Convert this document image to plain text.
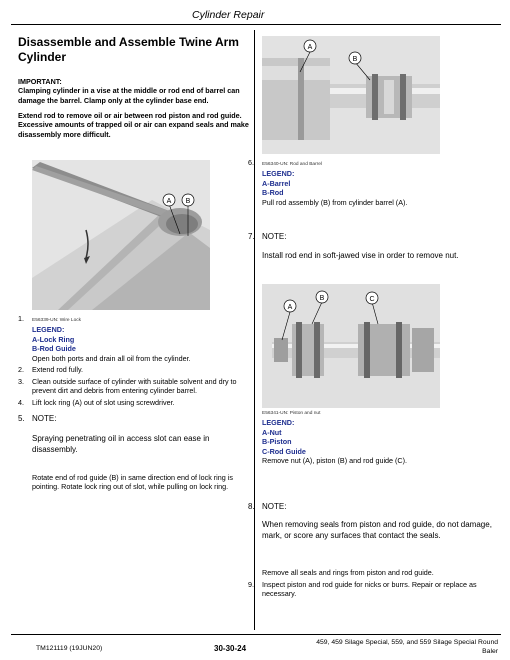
Cylinder Repair
Disassemble and Assemble Twine Arm Cylinder
IMPORTANT:
Clamping cylinder in a vise at the middle or rod end of barrel can damage the barrel. Clamp only at the cylinder base end.
Extend rod to remove oil or air between rod piston and rod guide. Excessive amounts of trapped oil or air can expand seals and make disassembly more difficult.
A B
1. E56339-UN: Wire Lock
LEGEND:
A-Lock Ring
B-Rod Guide
Open both ports and drain all oil from the cylinder.
2. Extend rod fully.
3.	Clean outside surface of cylinder with suitable solvent and dry to prevent dirt and debris from entering cylinder barrel.
4. Lift lock ring (A) out of slot using screwdriver.
5. NOTE:
Spraying penetrating oil in access slot can ease in disassembly.
Rotate end of rod guide (B) in same direction end of lock ring is pointing. Rotate lock ring out of slot, while pulling on lock ring.
A
B
6. E56340-UN: Rod and Barrel
LEGEND:
A-Barrel
B-Rod
Pull rod assembly (B) from cylinder barrel (A).
7. NOTE:
Install rod end in soft-jawed vise in order to remove nut.
A
B	C
E56341-UN: Piston and nut
LEGEND:
A-Nut
B-Piston
C-Rod Guide
Remove nut (A), piston (B) and rod guide (C).
8. NOTE:
When removing seals from piston and rod guide, do not damage, mark, or score any surfaces that contact the seals.
Remove all seals and rings from piston and rod guide.
9.	Inspect piston and rod guide for nicks or burrs. Repair or replace as necessary.
TM121119 (19JUN20)	30-30-24
459, 459 Silage Special, 559, and 559 Silage Special Round
Baler
